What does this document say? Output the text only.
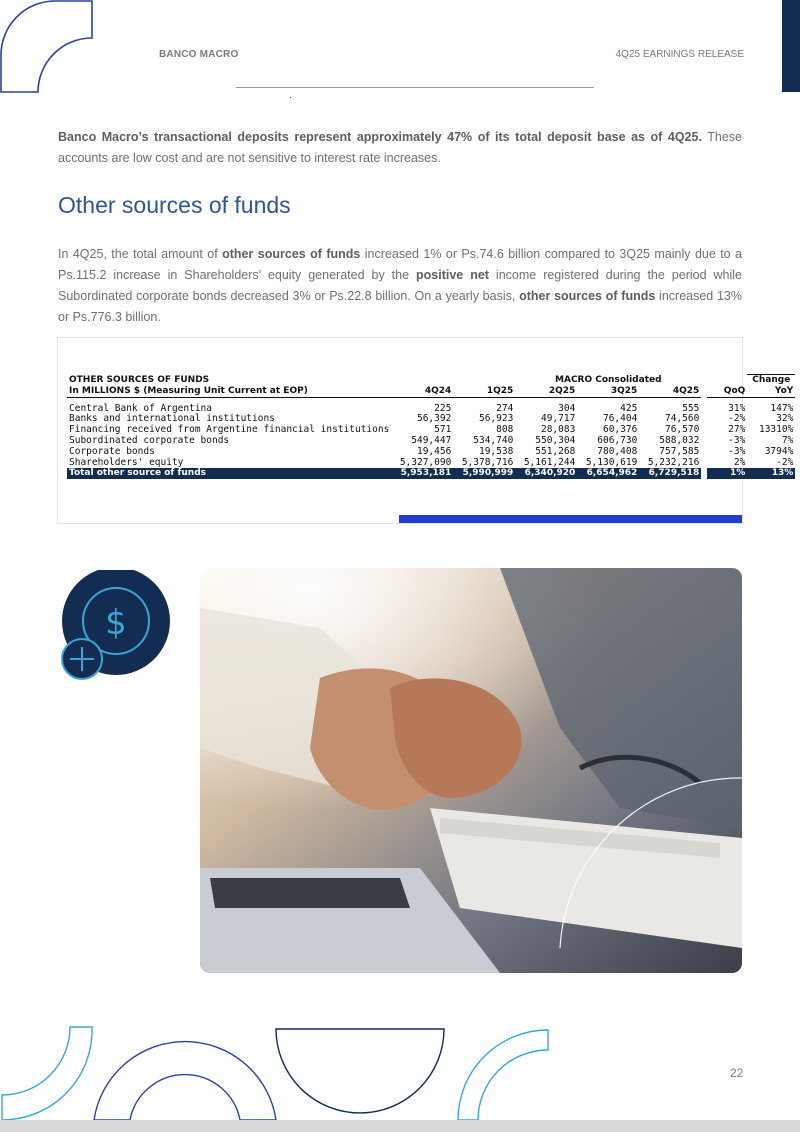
BANCO MACRO	4Q25 EARNINGS RELEASE
Banco Macro’s transactional deposits represent approximately 47% of its total deposit base as of 4Q25. These accounts are low cost and are not sensitive to interest rate increases.
Other sources of funds
In 4Q25, the total amount of other sources of funds increased 1% or Ps.74.6 billion compared to 3Q25 mainly due to a Ps.115.2 increase in Shareholders’ equity generated by the positive net income registered during the period while Subordinated corporate bonds decreased 3% or Ps.22.8 billion. On a yearly basis, other sources of funds increased 13% or Ps.776.3 billion.
OTHER SOURCES OF FUNDS			MACRO Consolidated					Change
In MILLIONS $ (Measuring Unit Current at EOP)	4Q24	1Q25	2Q25	3Q25	4Q25		QoQ	YoY

Central Bank of Argentina	225	274	304	425	555		31%	147%
Banks and international institutions	56,392	56,923	49,717	76,404	74,560		-2%	32%
Financing received from Argentine financial institutions	571	808	28,083	60,376	76,570		27%	13310%
Subordinated corporate bonds	549,447	534,740	550,304	606,730	588,032		-3%	7%
Corporate bonds	19,456	19,538	551,268	780,408	757,585		-3%	3794%
Shareholders' equity	5,327,090	5,378,716	5,161,244	5,130,619	5,232,216		2%	-2%
Total other source of funds	5,953,181	5,990,999	6,340,920	6,654,962	6,729,518		1%	13%
$
22
